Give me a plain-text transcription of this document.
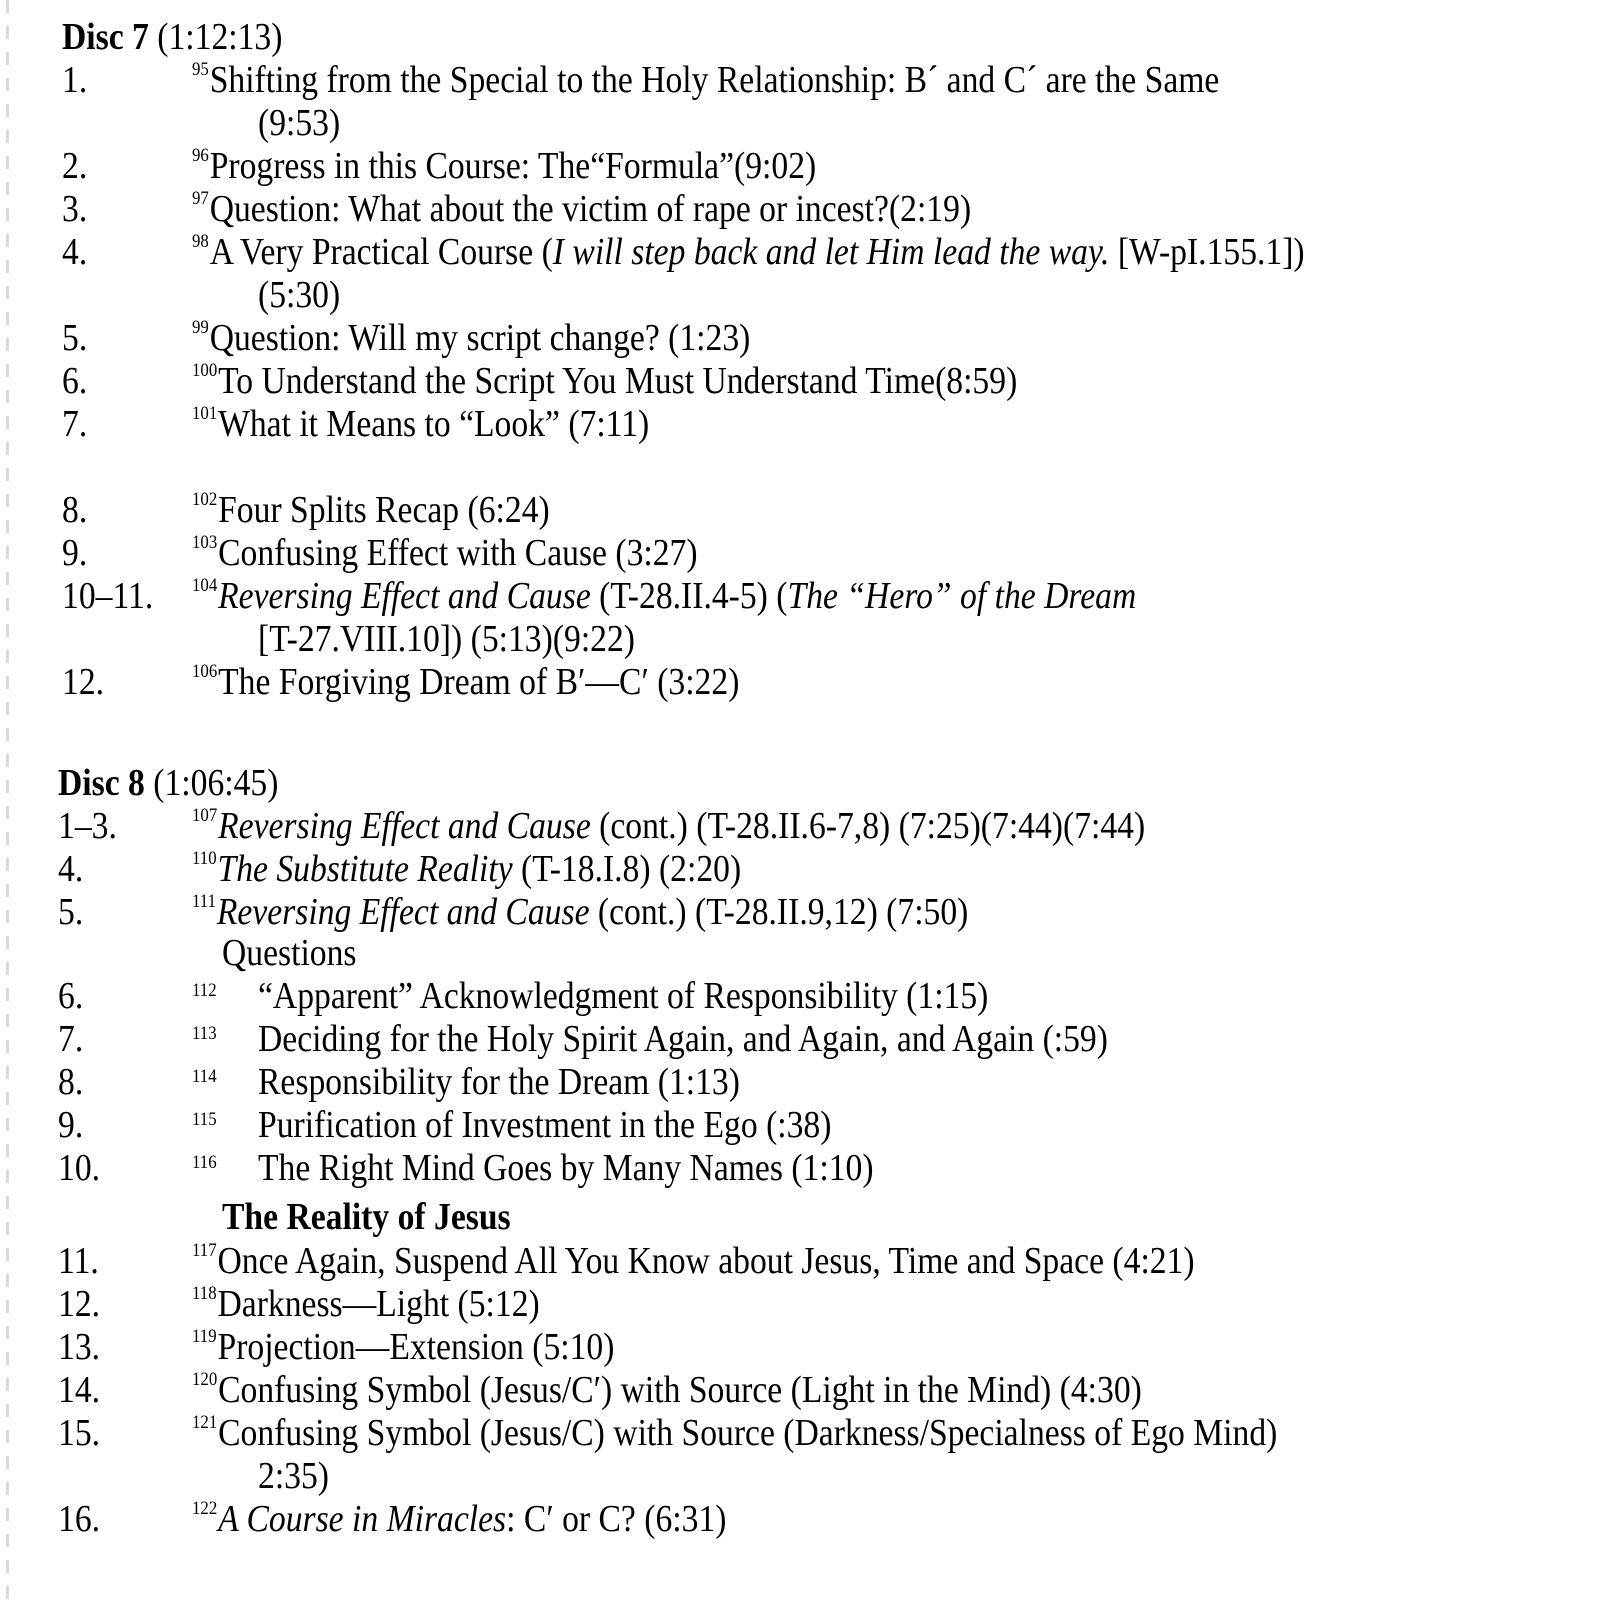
Disc 7 (1:12:13)
1.	$^{95}$Shifting from the Special to the Holy Relationship: B´ and C´ are the Same
(9:53)
2.	$^{96}$Progress in this Course: The“Formula”(9:02)
3.	$^{97}$Question: What about the victim of rape or incest?(2:19)
4.	$^{98}$A Very Practical Course (I will step back and let Him lead the way. [W-pI.155.1])
(5:30)
5.	$^{99}$Question: Will my script change? (1:23)
6.	$^{100}$To Understand the Script You Must Understand Time(8:59)
7.	$^{101}$What it Means to “Look” (7:11)
8.	$^{102}$Four Splits Recap (6:24)
9.	$^{103}$Confusing Effect with Cause (3:27)
10–11. $^{104}$Reversing Effect and Cause (T-28.II.4-5) (The “Hero” of the Dream
[T-27.VIII.10]) (5:13)(9:22)
12.	$^{106}$The Forgiving Dream of B′—C′ (3:22)
Disc 8 (1:06:45)
1–3.	$^{107}$Reversing Effect and Cause (cont.) (T-28.II.6-7,8) (7:25)(7:44)(7:44)
4.	$^{110}$The Substitute Reality (T-18.I.8) (2:20)
5.	$^{111}$Reversing Effect and Cause (cont.) (T-28.II.9,12) (7:50)
Questions
6.	112 “Apparent” Acknowledgment of Responsibility (1:15)
7.	113 Deciding for the Holy Spirit Again, and Again, and Again (:59)
8.	114 Responsibility for the Dream (1:13)
9.	115 Purification of Investment in the Ego (:38)
10.	116 The Right Mind Goes by Many Names (1:10)
The Reality of Jesus
11.	$^{117}$Once Again, Suspend All You Know about Jesus, Time and Space (4:21)
12.	$^{118}$Darkness—Light (5:12)
13.	$^{119}$Projection—Extension (5:10)
14.	$^{120}$Confusing Symbol (Jesus/C′) with Source (Light in the Mind) (4:30)
15.	$^{121}$Confusing Symbol (Jesus/C) with Source (Darkness/Specialness of Ego Mind)
2:35)
16.	$^{122}$A Course in Miracles: C′ or C? (6:31)
